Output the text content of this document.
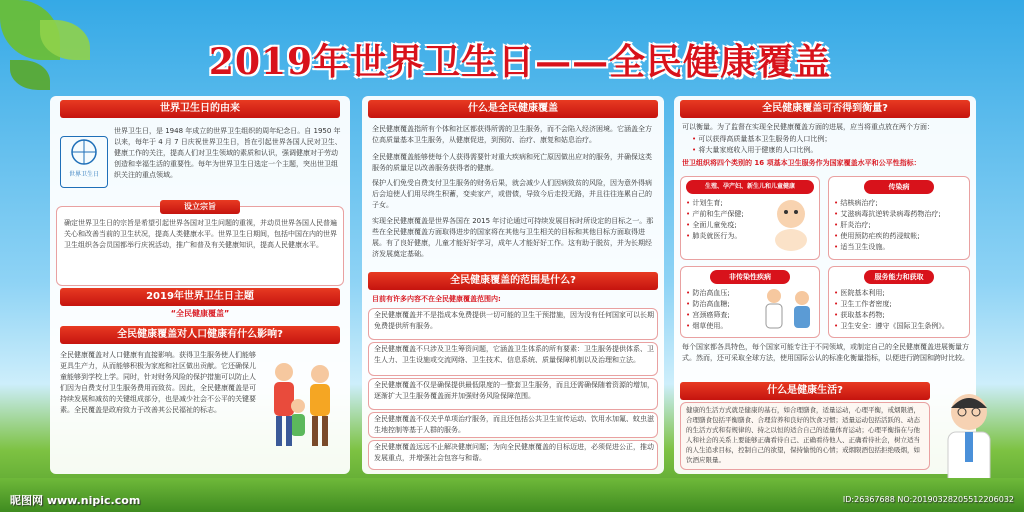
2019年世界卫生日——全民健康覆盖
世界卫生日的由来
世界卫生日
世界卫生日，是 1948 年成立的世界卫生组织的周年纪念日。自 1950 年以来，每年于 4 月 7 日庆祝世界卫生日，旨在引起世界各国人民对卫生、健康工作的关注，提高人们对卫生领域的素质和认识，强调健康对于劳动创造和幸福生活的重要性。每年为世界卫生日选定一个主题，突出世卫组织关注的重点领域。
设立宗旨
确定世界卫生日的宗旨是希望引起世界各国对卫生问题的重视，并动员世界各国人民普遍关心和改善当前的卫生状况，提高人类健康水平。世界卫生日期间，包括中国在内的世界卫生组织各会员国都举行庆祝活动，推广和普及有关健康知识，提高人民健康水平。
2019年世界卫生日主题
“全民健康覆盖”
全民健康覆盖对人口健康有什么影响?
全民健康覆盖对人口健康有直接影响。获得卫生服务使人们能够更具生产力，从而能够积极为家庭和社区做出贡献。它还确保儿童能够到学校上学。同时，针对财务风险的保护措施可以防止人们因为自费支付卫生服务费用而致贫。因此，全民健康覆盖是可持续发展和减贫的关键组成部分，也是减少社会不公平的关键要素。全民覆盖是政府致力于改善其公民福祉的标志。
什么是全民健康覆盖
全民健康覆盖指所有个体和社区都获得所需的卫生服务，而不会陷入经济困境。它涵盖全方位高质量基本卫生服务，从健康促进，到预防、治疗、康复和姑息治疗。
全民健康覆盖能够使每个人获得需要针对重大疾病和死亡原因做出应对的服务，并确保这类服务的质量足以改善服务获得者的健康。
保护人们免受自费支付卫生服务的财务后果，就会减少人们因病致贫的风险，因为意外得病后会迫使人们用尽终生积蓄，变卖家产，或借债，导致今后走投无路，并且往往连累自己的子女。
实现全民健康覆盖是世界各国在 2015 年讨论通过可持续发展目标时所设定的目标之一。那些在全民健康覆盖方面取得进步的国家将在其他与卫生相关的目标和其他目标方面取得进展。有了良好健康，儿童才能好好学习，成年人才能好好工作。这有助于脱贫，并为长期经济发展奠定基础。
全民健康覆盖的范围是什么?
目前有许多内容不在全民健康覆盖范围内:
全民健康覆盖并不是指成本免费提供一切可能的卫生干预措施，因为没有任何国家可以长期免费提供所有服务。
全民健康覆盖不只涉及卫生筹资问题，它涵盖卫生体系的所有要素：卫生服务提供体系、卫生人力、卫生设施或交流网络、卫生技术、信息系统、质量保障机制以及治理和立法。
全民健康覆盖不仅是确保提供最低限度的一整套卫生服务，而且还需确保随着资源的增加，逐渐扩大卫生服务覆盖面并加强财务风险保障范围。
全民健康覆盖不仅关乎单项治疗服务，而且还包括公共卫生宣传运动、饮用水加氟、蚊虫滋生地控制等基于人群的服务。
全民健康覆盖远远不止解决健康问题；为向全民健康覆盖的目标迈进，必须促进公正，推动发展重点，并增强社会包容与和谐。
全民健康覆盖可否得到衡量?
可以衡量。为了监督在实现全民健康覆盖方面的进展，应当将重点放在两个方面：
• 可以获得高质量基本卫生服务的人口比例；
• 将大量家庭收入用于健康的人口比例。
世卫组织将四个类别的 16 项基本卫生服务作为国家覆盖水平和公平性指标：
生殖、孕产妇、新生儿和儿童健康
• 计划生育;
• 产前和生产保健;
• 全面儿童免疫;
• 肺炎就医行为。
传染病
• 结核病治疗;
• 艾滋病毒抗逆转录病毒药物治疗;
• 肝炎治疗;
• 使用预防疟疾的药浸蚊帐;
• 适当卫生设施。
非传染性疾病
• 防治高血压;
• 防治高血糖;
• 宫颈癌筛查;
• 烟草使用。
服务能力和获取
• 医院基本利用;
• 卫生工作者密度;
• 获取基本药物;
• 卫生安全：遵守《国际卫生条例》。
每个国家都各具特色，每个国家可能专注于不同领域，或制定自己的全民健康覆盖进展衡量方式。然而，还可采取全球方法，使用国际公认的标准化衡量指标，以便进行跨国和跨时比较。
什么是健康生活?
健康的生活方式就是健康的基石，如合理膳食，适量运动，心理平衡，戒烟限酒，合理膳食包括平衡膳食、合理营养和良好的饮食习惯；适量运动包括活跃的、动态的生活方式和有规律的、持之以恒的适合自己的适量体育运动；心理平衡指在与他人和社会的关系上要能够正确看待自己、正确看待他人、正确看待社会，树立适当的人生追求目标，控制自己的欲望，保持愉悦的心情；戒烟限酒包括拒绝吸烟，如饮酒应限量。
昵图网 www.nipic.com	ID:26367688 NO:20190328205512206032
